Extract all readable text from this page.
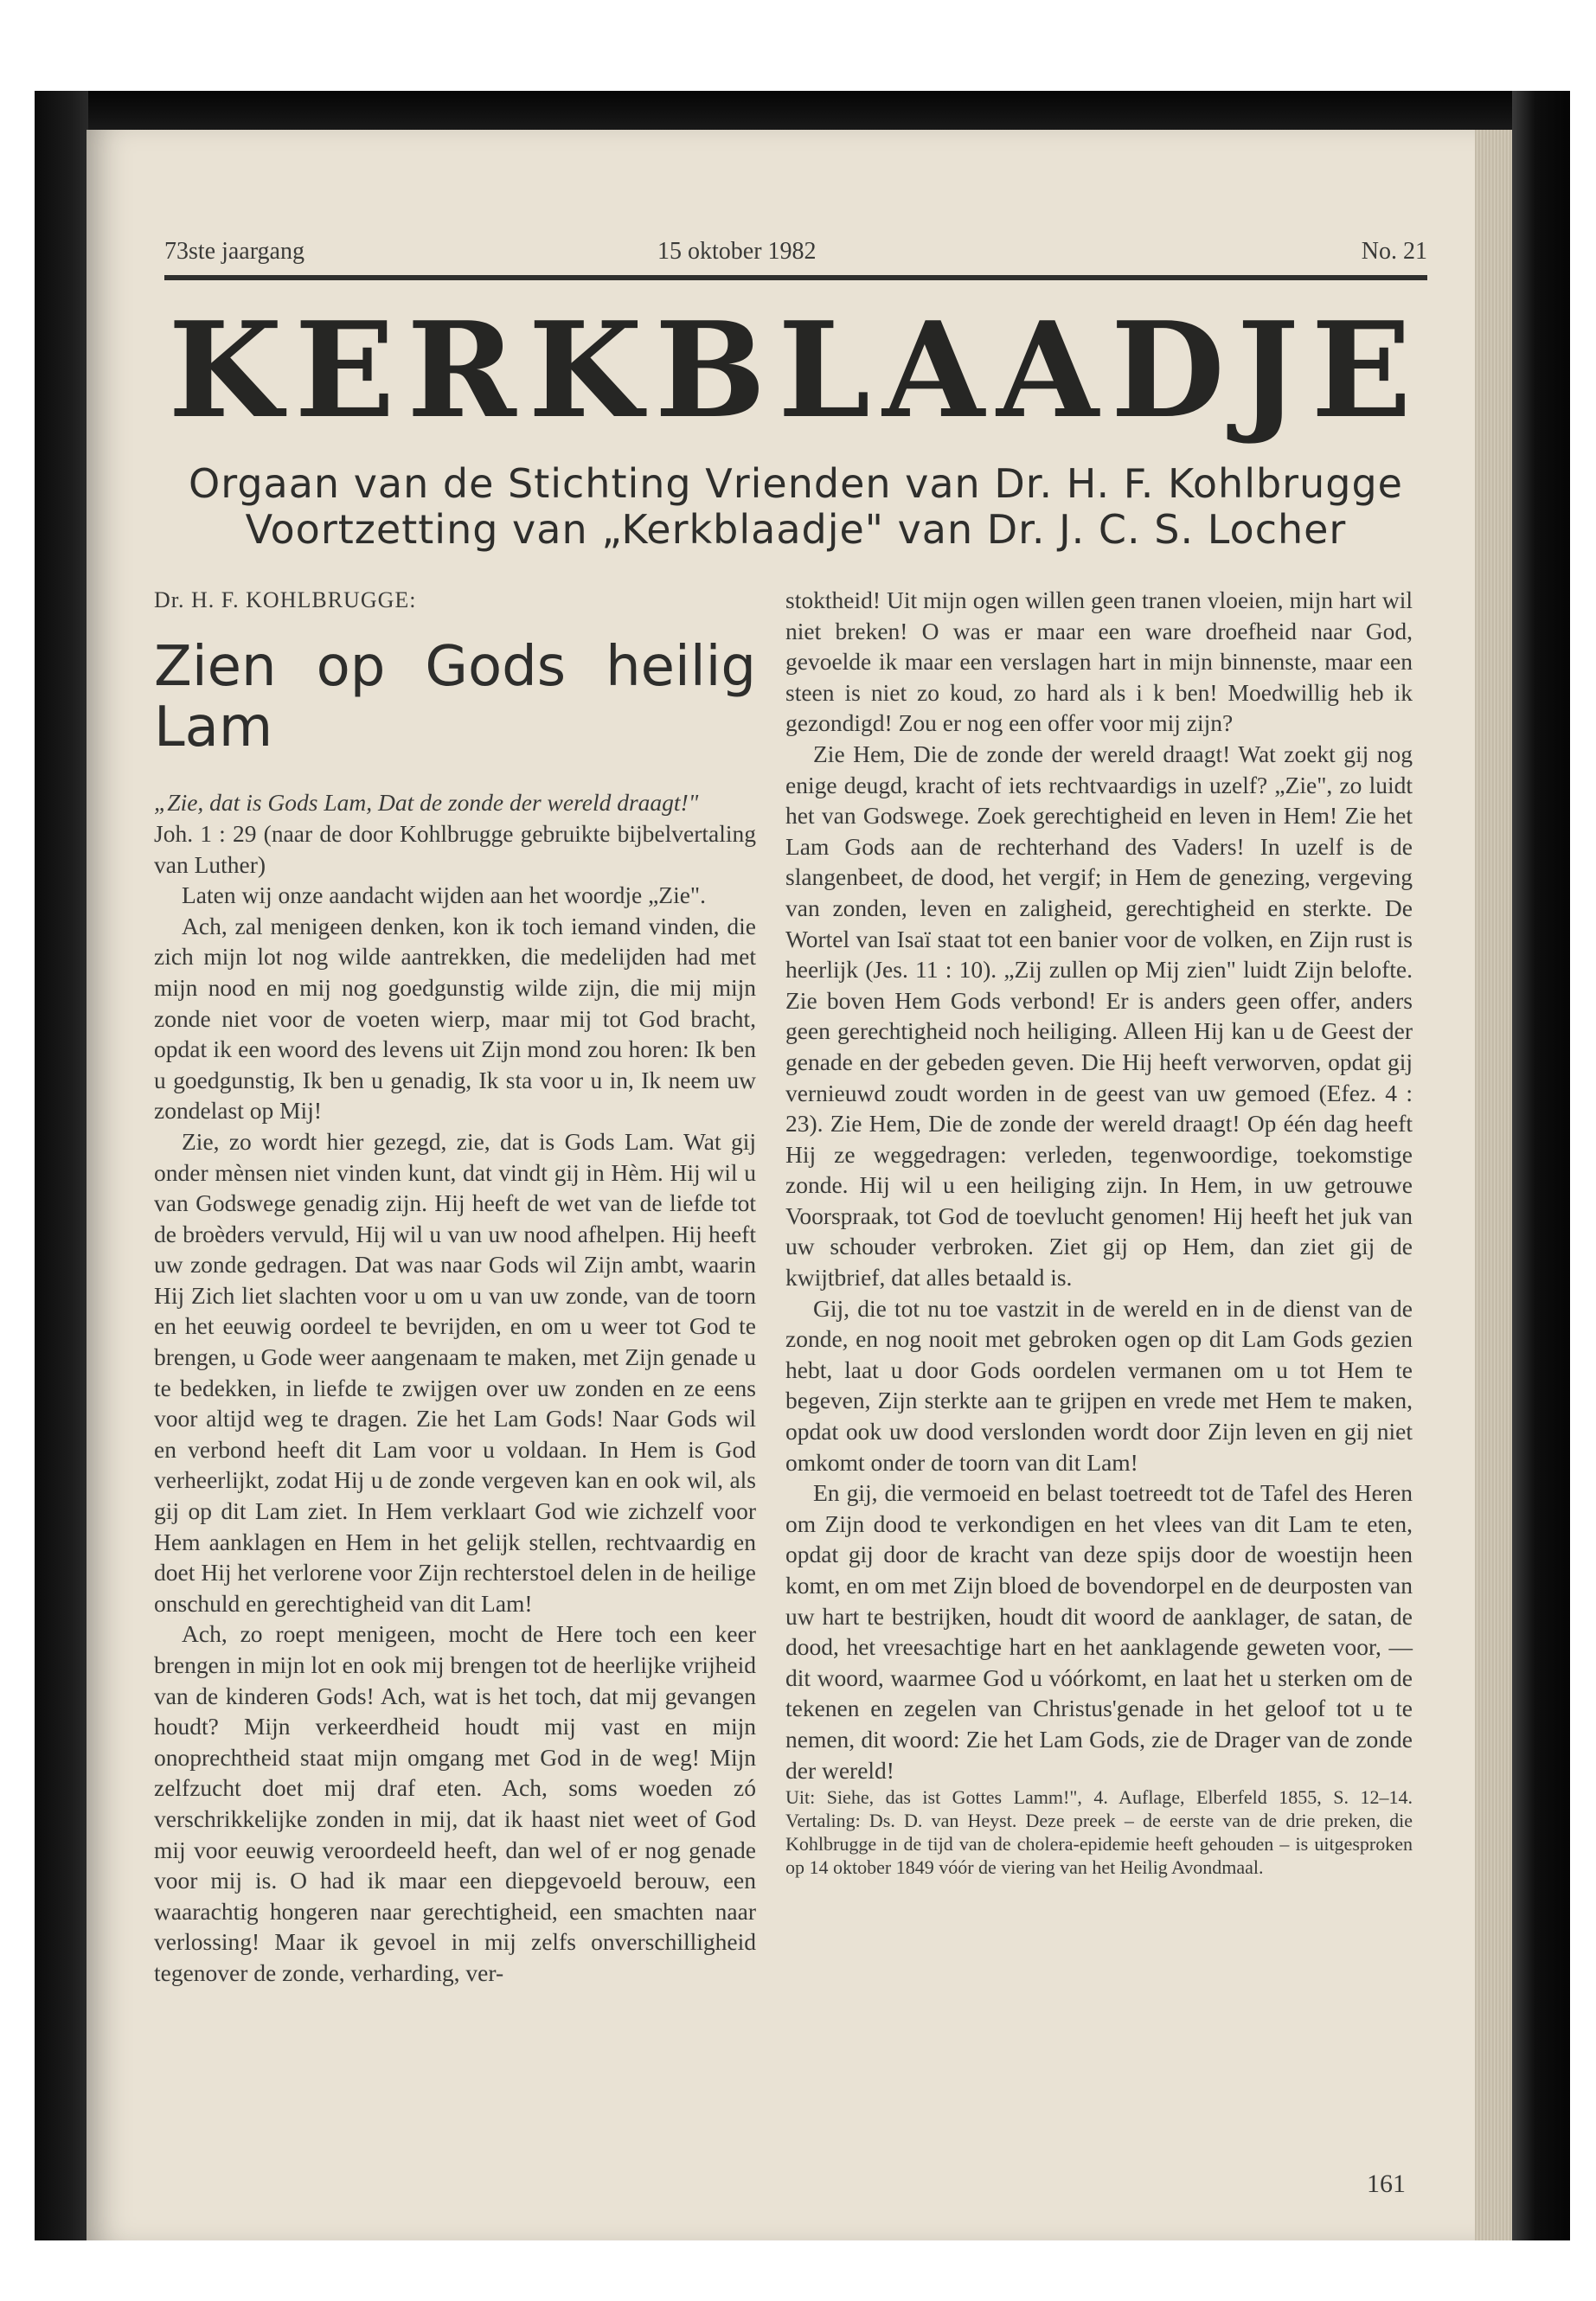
73ste jaargang	15 oktober 1982	No. 21
KERKBLAADJE
Orgaan van de Stichting Vrienden van Dr. H. F. Kohlbrugge
Voortzetting van „Kerkblaadje" van Dr. J. C. S. Locher

Dr. H. F. KOHLBRUGGE:

Zien op Gods heilig Lam

„Zie, dat is Gods Lam, Dat de zonde der wereld draagt!"

Joh. 1 : 29 (naar de door Kohlbrugge gebruikte bijbelvertaling van Luther)

Laten wij onze aandacht wijden aan het woordje „Zie".

Ach, zal menigeen denken, kon ik toch iemand vinden, die zich mijn lot nog wilde aantrekken, die medelijden had met mijn nood en mij nog goedgunstig wilde zijn, die mij mijn zonde niet voor de voeten wierp, maar mij tot God bracht, opdat ik een woord des levens uit Zijn mond zou horen: Ik ben u goedgunstig, Ik ben u genadig, Ik sta voor u in, Ik neem uw zondelast op Mij!

Zie, zo wordt hier gezegd, zie, dat is Gods Lam. Wat gij onder mènsen niet vinden kunt, dat vindt gij in Hèm. Hij wil u van Godswege genadig zijn. Hij heeft de wet van de liefde tot de broèders vervuld, Hij wil u van uw nood afhelpen. Hij heeft uw zonde gedragen. Dat was naar Gods wil Zijn ambt, waarin Hij Zich liet slachten voor u om u van uw zonde, van de toorn en het eeuwig oordeel te bevrijden, en om u weer tot God te brengen, u Gode weer aangenaam te maken, met Zijn genade u te bedekken, in liefde te zwijgen over uw zonden en ze eens voor altijd weg te dragen. Zie het Lam Gods! Naar Gods wil en verbond heeft dit Lam voor u voldaan. In Hem is God verheerlijkt, zodat Hij u de zonde vergeven kan en ook wil, als gij op dit Lam ziet. In Hem verklaart God wie zichzelf voor Hem aanklagen en Hem in het gelijk stellen, rechtvaardig en doet Hij het verlorene voor Zijn rechterstoel delen in de heilige onschuld en gerechtigheid van dit Lam!

Ach, zo roept menigeen, mocht de Here toch een keer brengen in mijn lot en ook mij brengen tot de heerlijke vrijheid van de kinderen Gods! Ach, wat is het toch, dat mij gevangen houdt? Mijn verkeerdheid houdt mij vast en mijn onoprechtheid staat mijn omgang met God in de weg! Mijn zelfzucht doet mij draf eten. Ach, soms woeden zó verschrikkelijke zonden in mij, dat ik haast niet weet of God mij voor eeuwig veroordeeld heeft, dan wel of er nog genade voor mij is. O had ik maar een diepgevoeld berouw, een waarachtig hongeren naar gerechtigheid, een smachten naar verlossing! Maar ik gevoel in mij zelfs onverschilligheid tegenover de zonde, verharding, ver-

stoktheid! Uit mijn ogen willen geen tranen vloeien, mijn hart wil niet breken! O was er maar een ware droefheid naar God, gevoelde ik maar een verslagen hart in mijn binnenste, maar een steen is niet zo koud, zo hard als i k ben! Moedwillig heb ik gezondigd! Zou er nog een offer voor mij zijn?

Zie Hem, Die de zonde der wereld draagt! Wat zoekt gij nog enige deugd, kracht of iets rechtvaardigs in uzelf? „Zie", zo luidt het van Godswege. Zoek gerechtigheid en leven in Hem! Zie het Lam Gods aan de rechterhand des Vaders! In uzelf is de slangenbeet, de dood, het vergif; in Hem de genezing, vergeving van zonden, leven en zaligheid, gerechtigheid en sterkte. De Wortel van Isaï staat tot een banier voor de volken, en Zijn rust is heerlijk (Jes. 11 : 10). „Zij zullen op Mij zien" luidt Zijn belofte. Zie boven Hem Gods verbond! Er is anders geen offer, anders geen gerechtigheid noch heiliging. Alleen Hij kan u de Geest der genade en der gebeden geven. Die Hij heeft verworven, opdat gij vernieuwd zoudt worden in de geest van uw gemoed (Efez. 4 : 23). Zie Hem, Die de zonde der wereld draagt! Op één dag heeft Hij ze weggedragen: verleden, tegenwoordige, toekomstige zonde. Hij wil u een heiliging zijn. In Hem, in uw getrouwe Voorspraak, tot God de toevlucht genomen! Hij heeft het juk van uw schouder verbroken. Ziet gij op Hem, dan ziet gij de kwijtbrief, dat alles betaald is.

Gij, die tot nu toe vastzit in de wereld en in de dienst van de zonde, en nog nooit met gebroken ogen op dit Lam Gods gezien hebt, laat u door Gods oordelen vermanen om u tot Hem te begeven, Zijn sterkte aan te grijpen en vrede met Hem te maken, opdat ook uw dood verslonden wordt door Zijn leven en gij niet omkomt onder de toorn van dit Lam!

En gij, die vermoeid en belast toetreedt tot de Tafel des Heren om Zijn dood te verkondigen en het vlees van dit Lam te eten, opdat gij door de kracht van deze spijs door de woestijn heen komt, en om met Zijn bloed de bovendorpel en de deurposten van uw hart te bestrijken, houdt dit woord de aanklager, de satan, de dood, het vreesachtige hart en het aanklagende geweten voor, — dit woord, waarmee God u vóórkomt, en laat het u sterken om de tekenen en zegelen van Christus'genade in het geloof tot u te nemen, dit woord: Zie het Lam Gods, zie de Drager van de zonde der wereld!

Uit: Siehe, das ist Gottes Lamm!", 4. Auflage, Elberfeld 1855, S. 12–14. Vertaling: Ds. D. van Heyst. Deze preek – de eerste van de drie preken, die Kohlbrugge in de tijd van de cholera-epidemie heeft gehouden – is uitgesproken op 14 oktober 1849 vóór de viering van het Heilig Avondmaal.

161
